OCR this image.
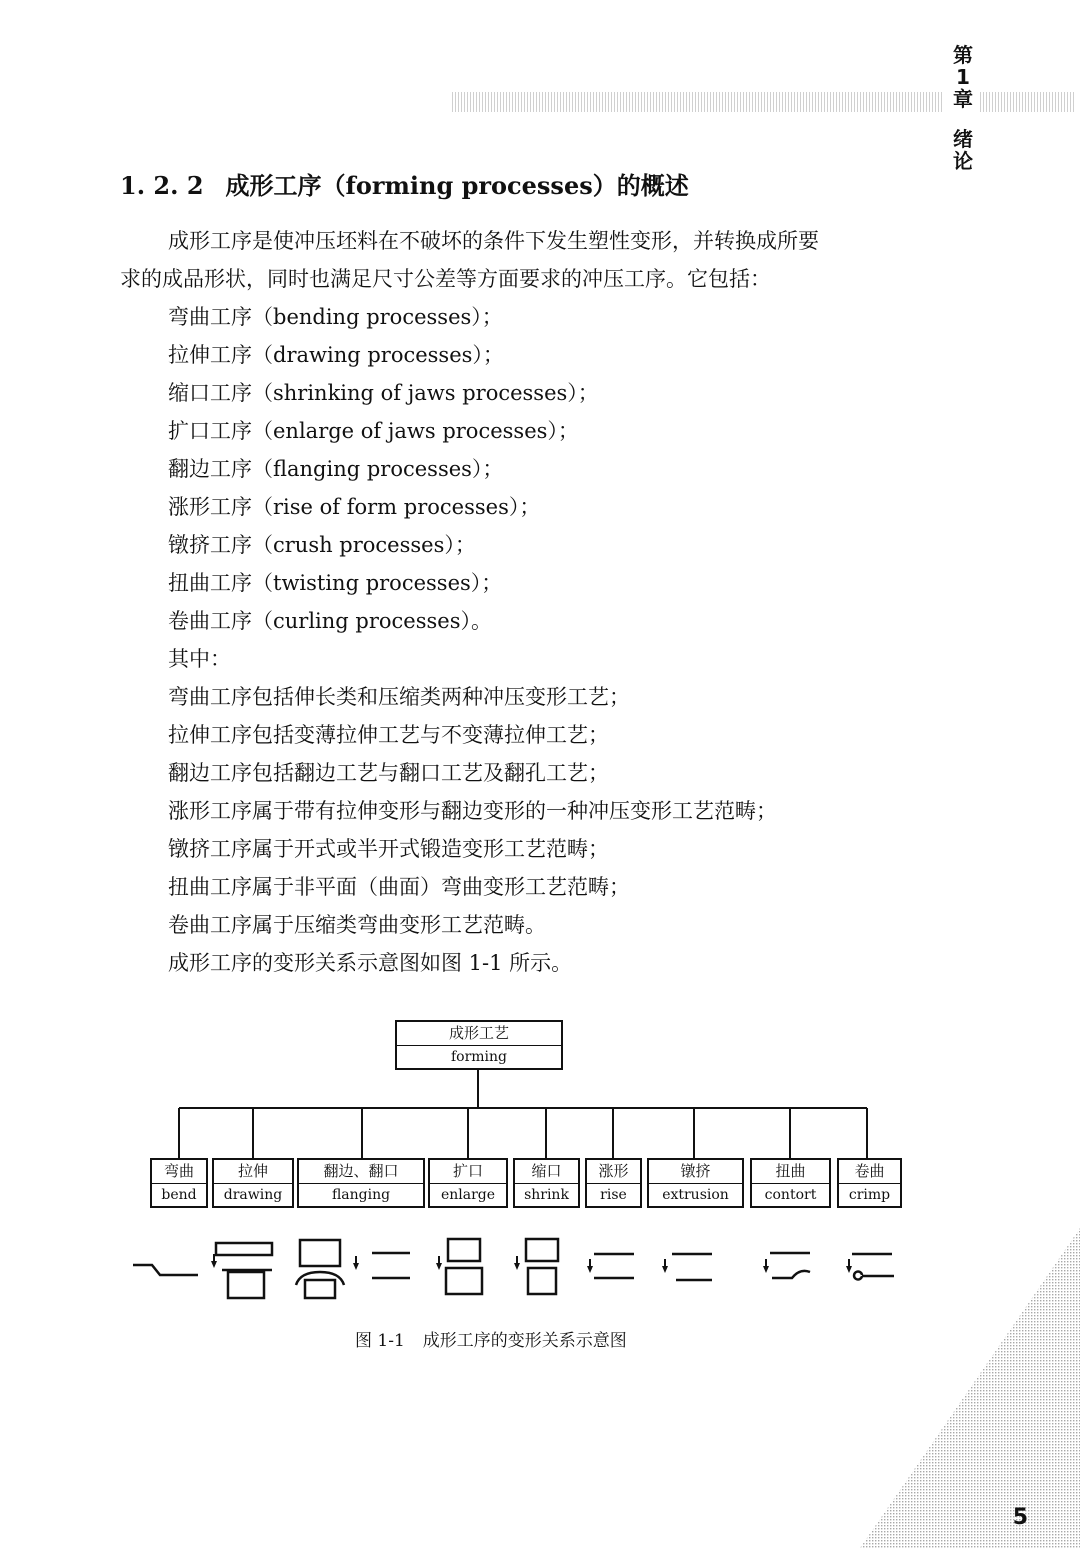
第
1
章
绪
论
1. 2. 2 成形工序（forming processes）的概述
成形工序是使冲压坯料在不破坏的条件下发生塑性变形，并转换成所要
求的成品形状，同时也满足尺寸公差等方面要求的冲压工序。它包括：
弯曲工序（bending processes）；
拉伸工序（drawing processes）；
缩口工序（shrinking of jaws processes）；
扩口工序（enlarge of jaws processes）；
翻边工序（flanging processes）；
涨形工序（rise of form processes）；
镦挤工序（crush processes）；
扭曲工序（twisting processes）；
卷曲工序（curling processes）。
其中：
弯曲工序包括伸长类和压缩类两种冲压变形工艺；
拉伸工序包括变薄拉伸工艺与不变薄拉伸工艺；
翻边工序包括翻边工艺与翻口工艺及翻孔工艺；
涨形工序属于带有拉伸变形与翻边变形的一种冲压变形工艺范畴；
镦挤工序属于开式或半开式锻造变形工艺范畴；
扭曲工序属于非平面（曲面）弯曲变形工艺范畴；
卷曲工序属于压缩类弯曲变形工艺范畴。
成形工序的变形关系示意图如图 1-1 所示。
成形工艺
forming
弯曲
bend
拉伸
drawing
翻边、翻口
flanging
扩口
enlarge
缩口
shrink
涨形
rise
镦挤
extrusion
扭曲
contort
卷曲
crimp
图 1-1 成形工序的变形关系示意图
5
